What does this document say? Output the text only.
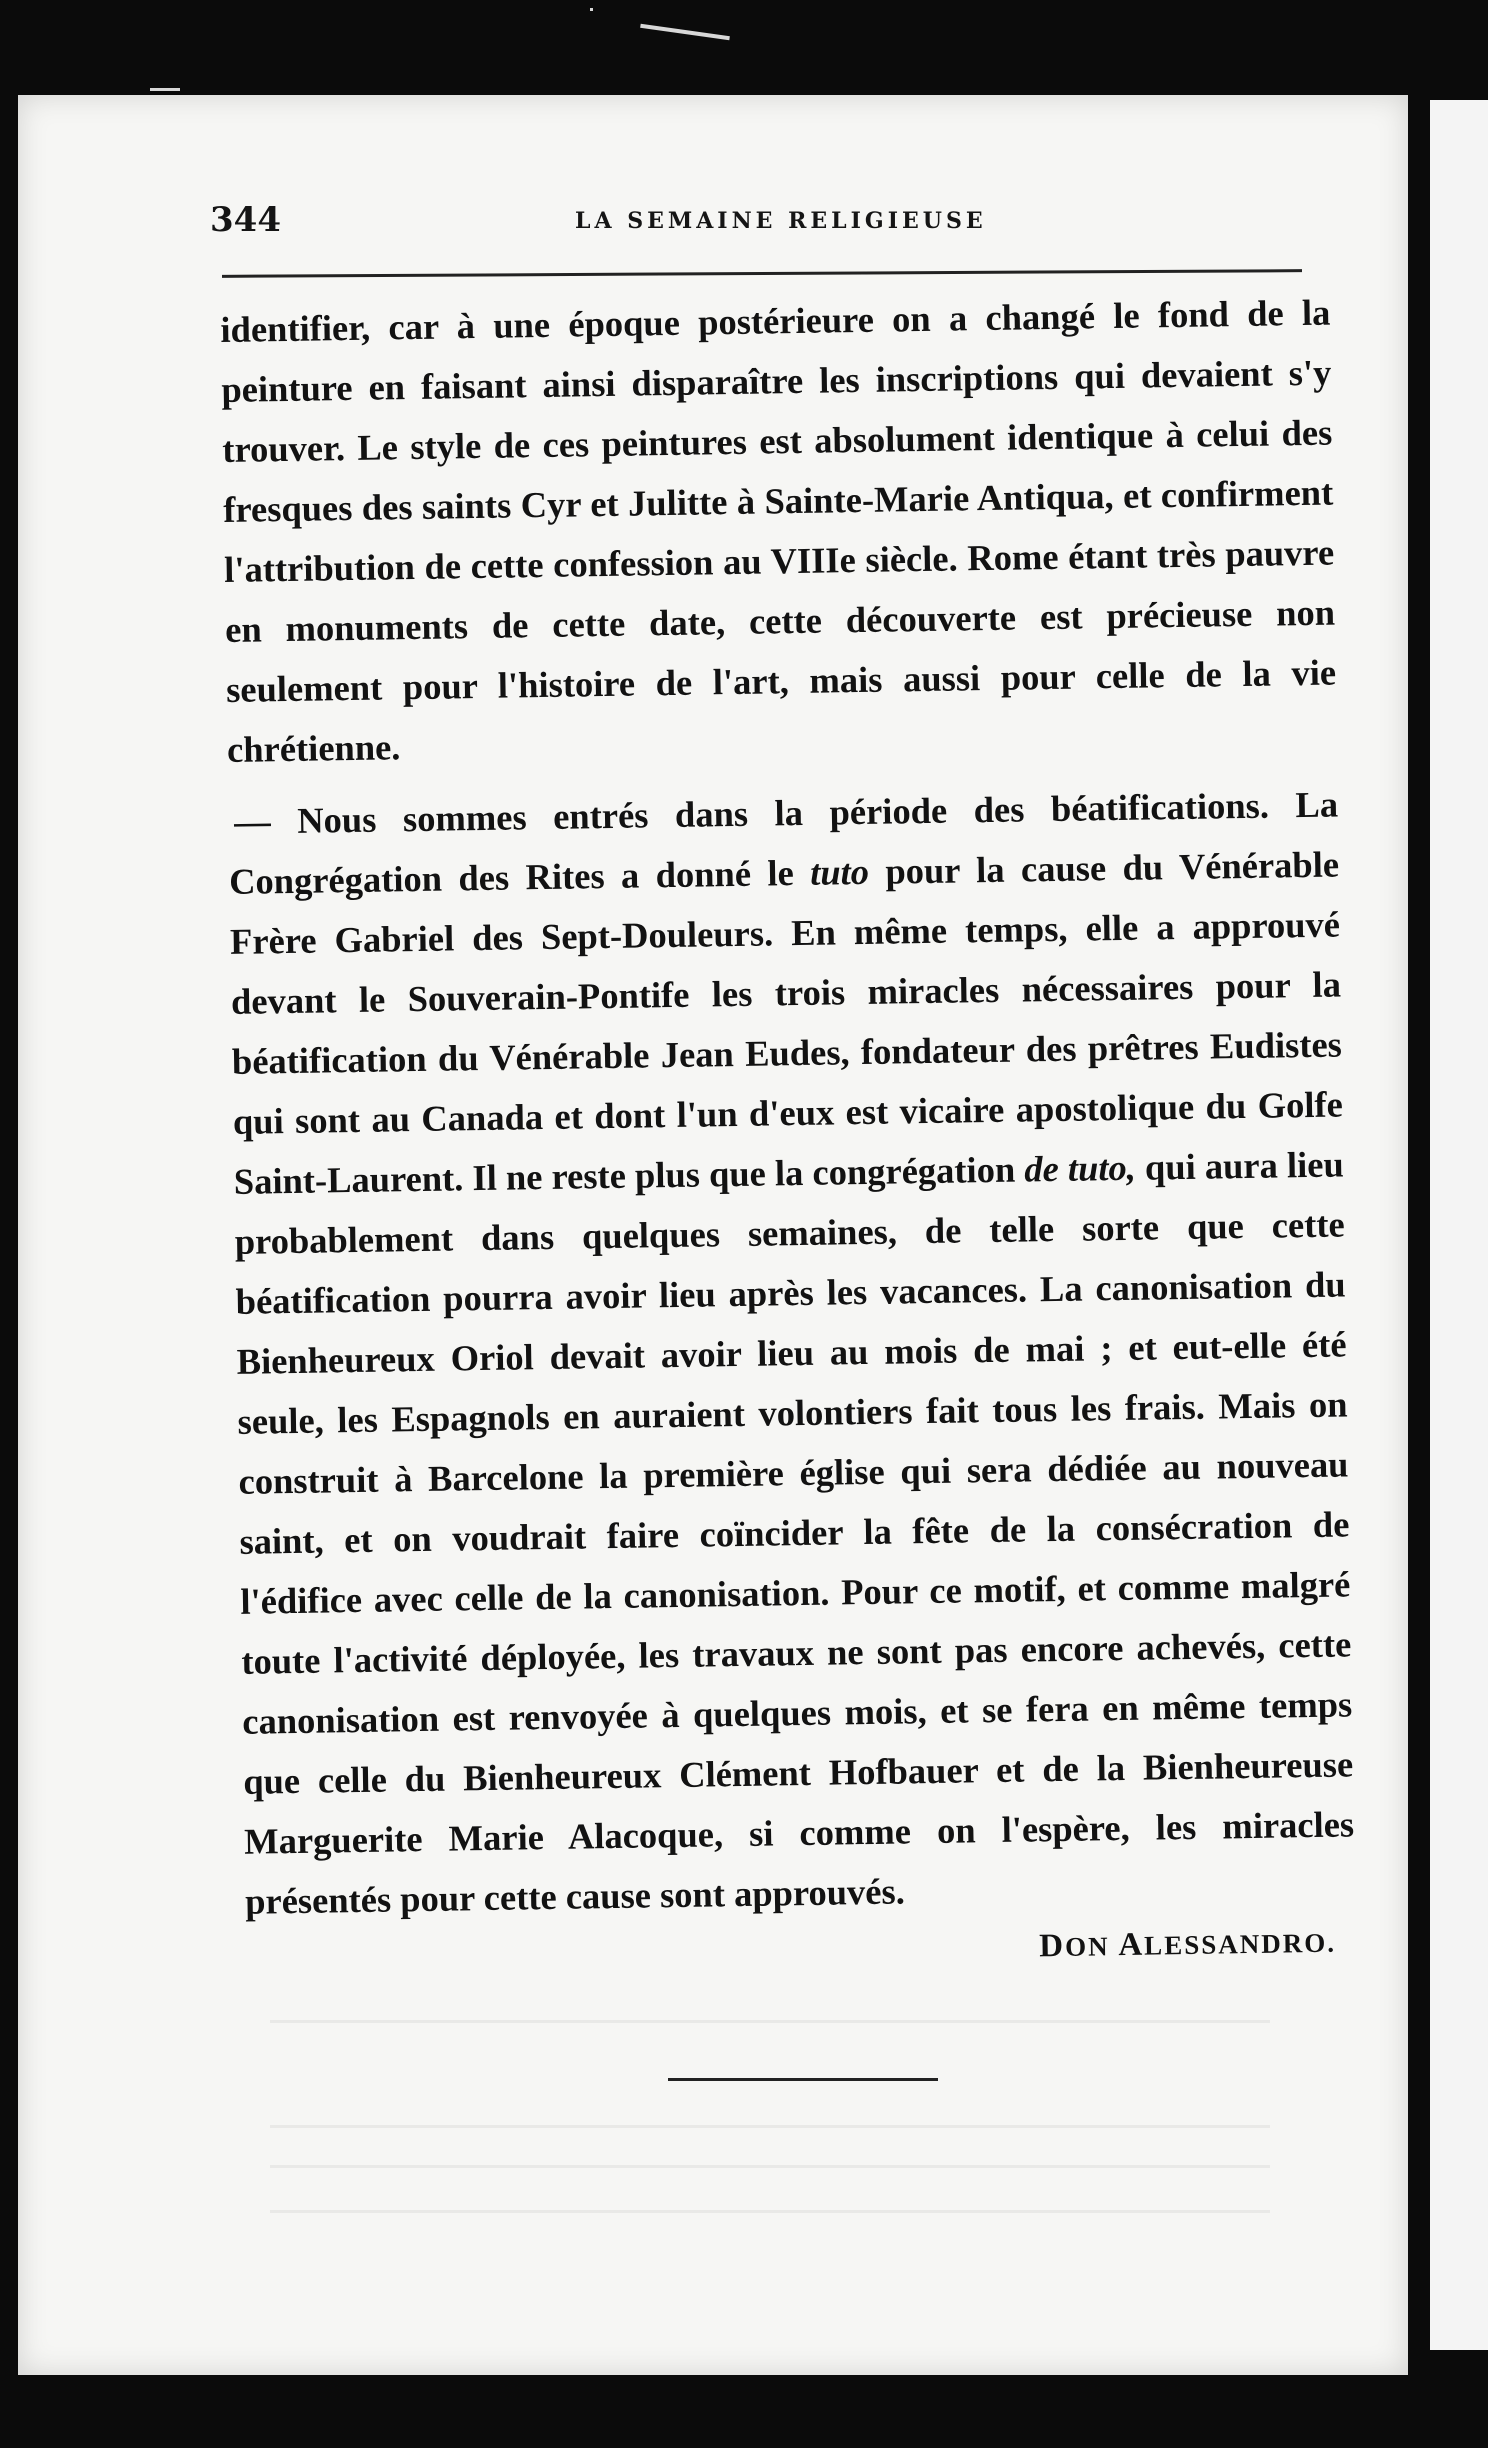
344	LA SEMAINE RELIGIEUSE

identifier, car à une époque postérieure on a changé le fond de la peinture en faisant ainsi disparaître les inscriptions qui devaient s'y trouver. Le style de ces peintures est absolument identique à celui des fresques des saints Cyr et Julitte à Sainte-Marie Antiqua, et confirment l'attribution de cette confession au VIIIe siècle. Rome étant très pauvre en monuments de cette date, cette découverte est précieuse non seulement pour l'histoire de l'art, mais aussi pour celle de la vie chrétienne.

— Nous sommes entrés dans la période des béatifications. La Congrégation des Rites a donné le tuto pour la cause du Vénérable Frère Gabriel des Sept-Douleurs. En même temps, elle a approuvé devant le Souverain-Pontife les trois miracles nécessaires pour la béatification du Vénérable Jean Eudes, fondateur des prêtres Eudistes qui sont au Canada et dont l'un d'eux est vicaire apostolique du Golfe Saint-Laurent. Il ne reste plus que la congrégation de tuto, qui aura lieu probablement dans quelques semaines, de telle sorte que cette béatification pourra avoir lieu après les vacances. La canonisation du Bienheureux Oriol devait avoir lieu au mois de mai ; et eut-elle été seule, les Espagnols en auraient volontiers fait tous les frais. Mais on construit à Barcelone la première église qui sera dédiée au nouveau saint, et on voudrait faire coïncider la fête de la consécration de l'édifice avec celle de la canonisation. Pour ce motif, et comme malgré toute l'activité déployée, les travaux ne sont pas encore achevés, cette canonisation est renvoyée à quelques mois, et se fera en même temps que celle du Bienheureux Clément Hofbauer et de la Bienheureuse Marguerite Marie Alacoque, si comme on l'espère, les miracles présentés pour cette cause sont approuvés.

DON ALESSANDRO.
